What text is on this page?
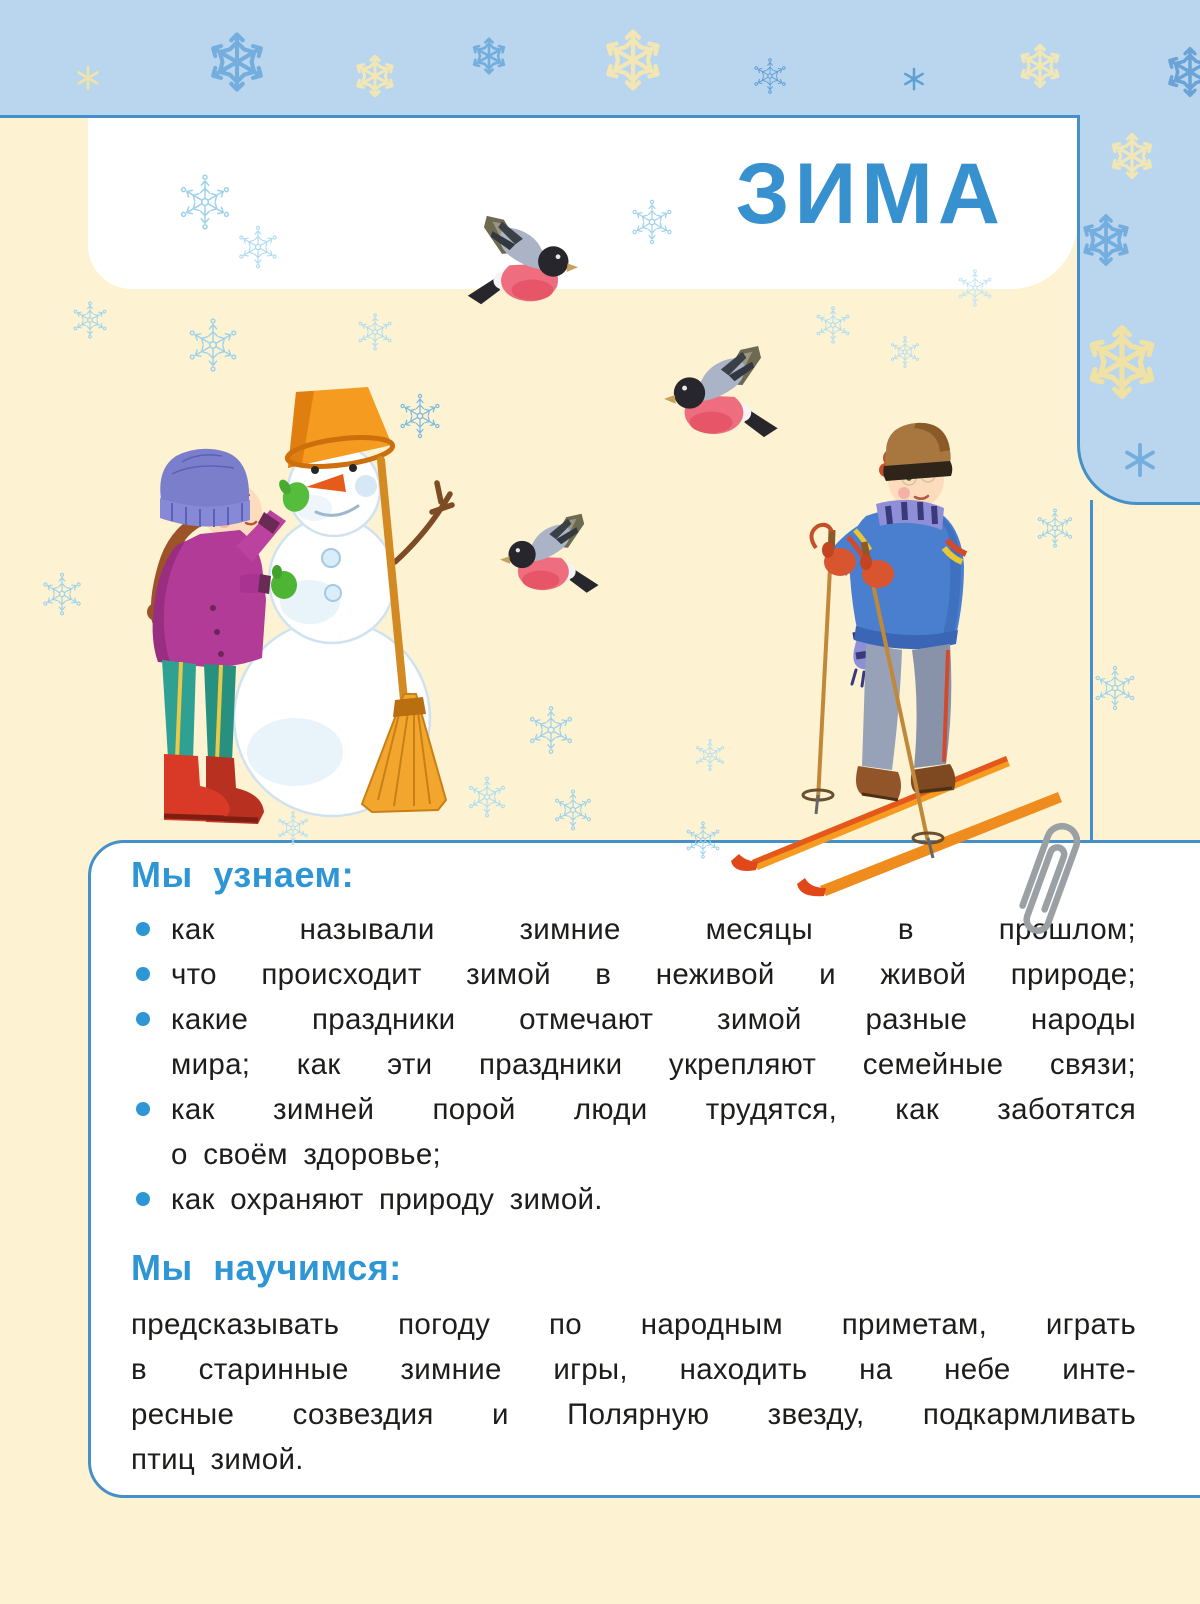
ЗИМА
Мы узнаем:
как называли зимние месяцы в прошлом;
что происходит зимой в неживой и живой природе;
какие праздники отмечают зимой разные народы
мира; как эти праздники укрепляют семейные связи;
как зимней порой люди трудятся, как заботятся
о своём здоровье;
как охраняют природу зимой.
Мы научимся:
предсказывать погоду по народным приметам, играть
в старинные зимние игры, находить на небе инте-
ресные созвездия и Полярную звезду, подкармливать
птиц зимой.
